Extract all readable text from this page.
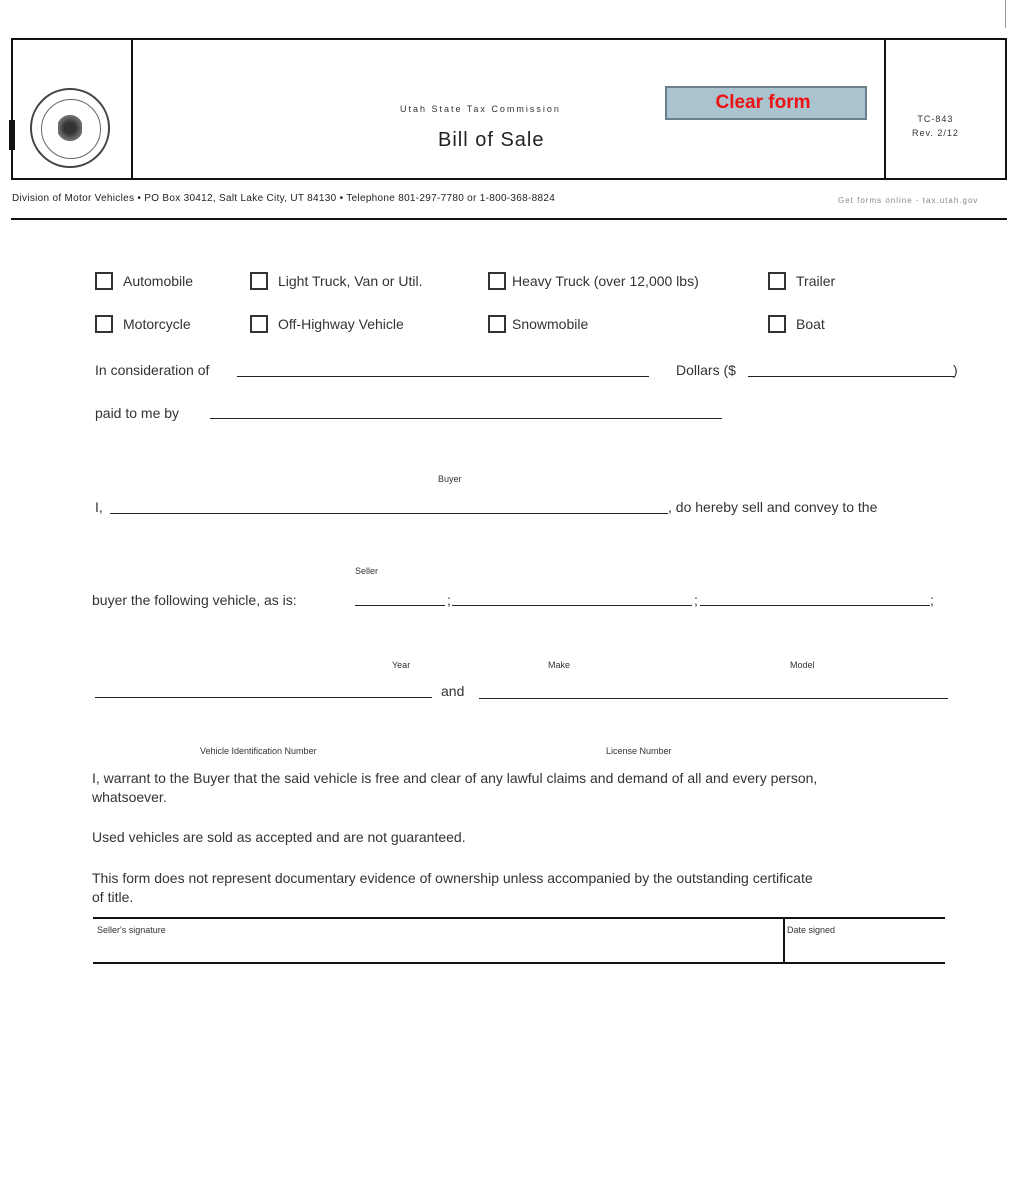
Utah State Tax Commission
Bill of Sale
Clear form
TC-843
Rev. 2/12
Division of Motor Vehicles • PO Box 30412, Salt Lake City, UT 84130 • Telephone 801-297-7780 or 1-800-368-8824	Get forms online - tax.utah.gov
Automobile	Light Truck, Van or Util.	Heavy Truck (over 12,000 lbs)	Trailer
Motorcycle	Off-Highway Vehicle	Snowmobile	Boat
In consideration of	Dollars ($	)
paid to me by
Buyer
I,	, do hereby sell and convey to the
Seller
buyer the following vehicle, as is:	;	;	;
Year	Make	Model
and
Vehicle Identification Number	License Number
I, warrant to the Buyer that the said vehicle is free and clear of any lawful claims and demand of all and every person, whatsoever.
Used vehicles are sold as accepted and are not guaranteed.
This form does not represent documentary evidence of ownership unless accompanied by the outstanding certificate of title.
Seller's signature	Date signed
